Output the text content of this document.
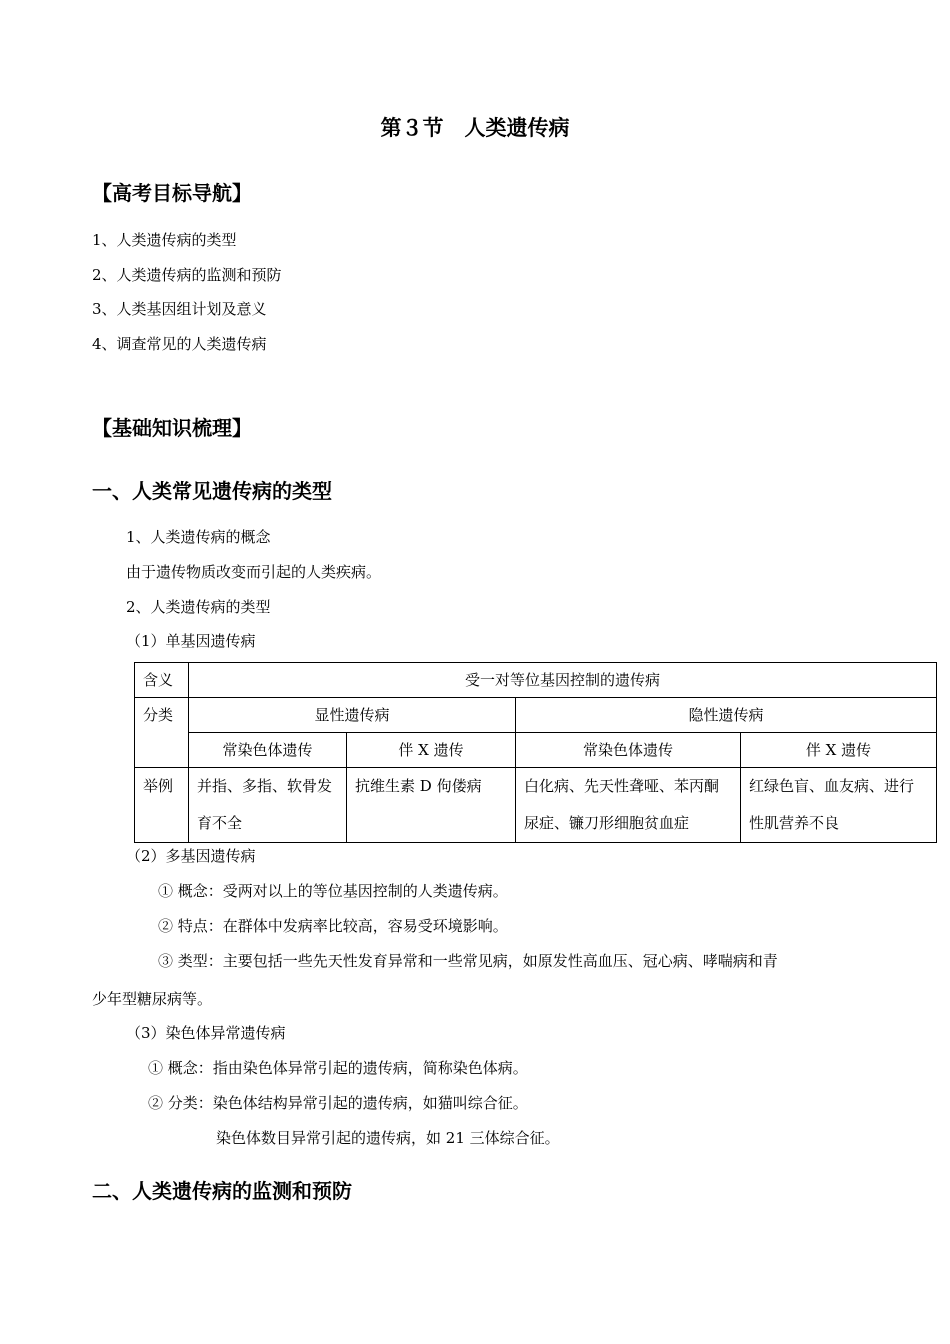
第３节　人类遗传病
【高考目标导航】
1、人类遗传病的类型
2、人类遗传病的监测和预防
3、人类基因组计划及意义
4、调查常见的人类遗传病
【基础知识梳理】
一、人类常见遗传病的类型
1、人类遗传病的概念
由于遗传物质改变而引起的人类疾病。
2、人类遗传病的类型
（1）单基因遗传病
含义	受一对等位基因控制的遗传病			
分类	显性遗传病		隐性遗传病	
	常染色体遗传	伴 X 遗传	常染色体遗传	伴 X 遗传
举例	并指、多指、软骨发育不全	抗维生素 D 佝偻病	白化病、先天性聋哑、苯丙酮尿症、镰刀形细胞贫血症	红绿色盲、血友病、进行性肌营养不良
（2）多基因遗传病
① 概念：受两对以上的等位基因控制的人类遗传病。
② 特点：在群体中发病率比较高，容易受环境影响。
③ 类型：主要包括一些先天性发育异常和一些常见病，如原发性高血压、冠心病、哮喘病和青
少年型糖尿病等。
（3）染色体异常遗传病
① 概念：指由染色体异常引起的遗传病，简称染色体病。
② 分类：染色体结构异常引起的遗传病，如猫叫综合征。
染色体数目异常引起的遗传病，如 21 三体综合征。
二、人类遗传病的监测和预防
